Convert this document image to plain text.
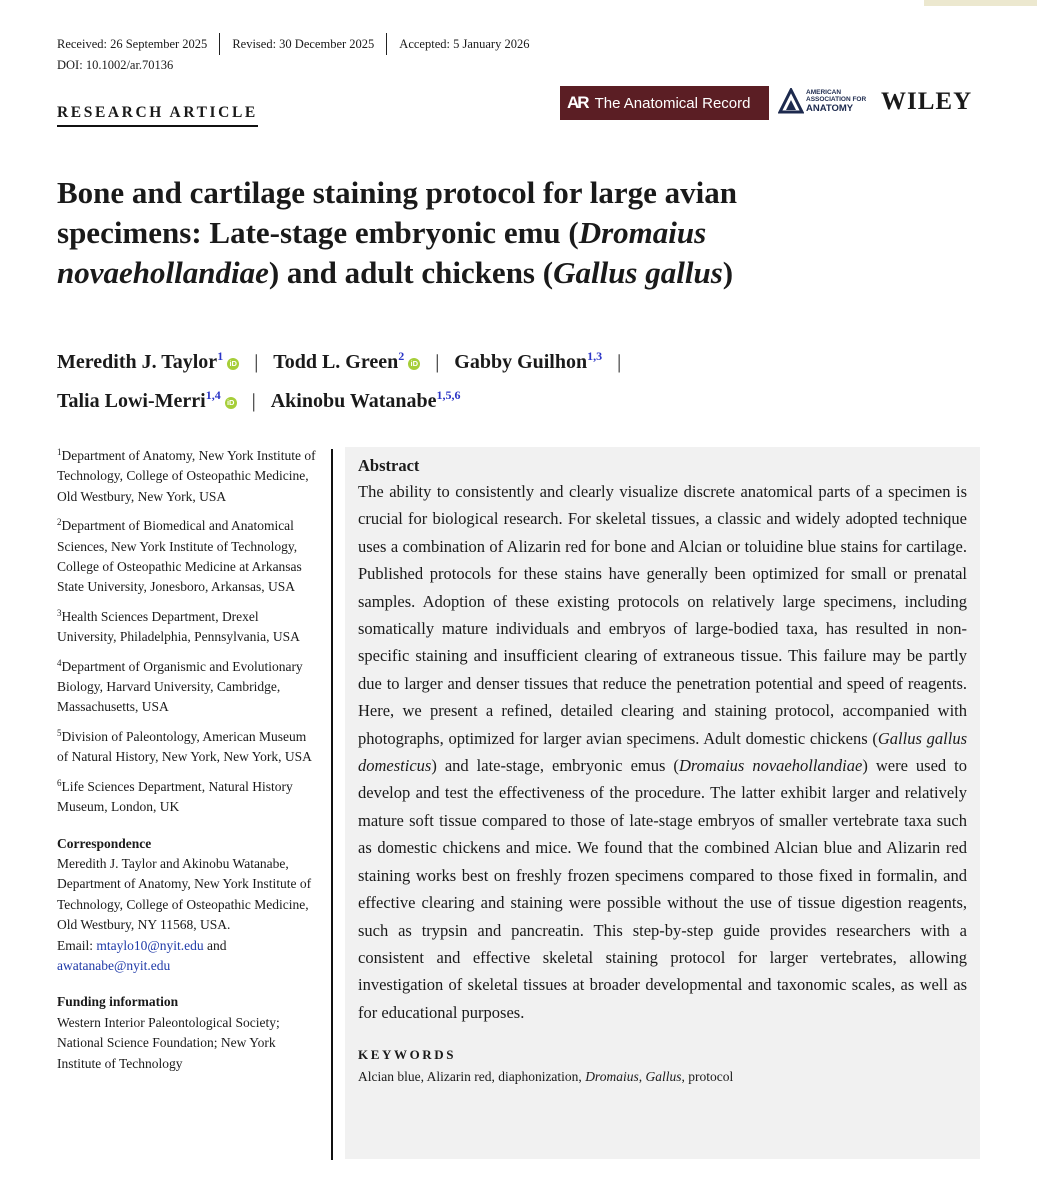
Received: 26 September 2025	Revised: 30 December 2025	Accepted: 5 January 2026
DOI: 10.1002/ar.70136
RESEARCH ARTICLE
AR The Anatomical Record
AMERICAN
ASSOCIATION FOR
ANATOMY	WILEY
Bone and cartilage staining protocol for large avian specimens: Late-stage embryonic emu (Dromaius novaehollandiae) and adult chickens (Gallus gallus)
Meredith J. Taylor$^1$iD | Todd L. Green$^2$iD | Gabby Guilhon$^{1,3}$ |
Talia Lowi-Merri$^{1,4}$iD | Akinobu Watanabe$^{1,5,6}$
$^1$Department of Anatomy, New York Institute of Technology, College of Osteopathic Medicine, Old Westbury, New York, USA
$^2$Department of Biomedical and Anatomical Sciences, New York Institute of Technology, College of Osteopathic Medicine at Arkansas State University, Jonesboro, Arkansas, USA
$^3$Health Sciences Department, Drexel University, Philadelphia, Pennsylvania, USA
$^4$Department of Organismic and Evolutionary Biology, Harvard University, Cambridge, Massachusetts, USA
$^5$Division of Paleontology, American Museum of Natural History, New York, New York, USA
$^6$Life Sciences Department, Natural History Museum, London, UK
Correspondence
Meredith J. Taylor and Akinobu Watanabe, Department of Anatomy, New York Institute of Technology, College of Osteopathic Medicine, Old Westbury, NY 11568, USA.
Email: mtaylo10@nyit.edu and
awatanabe@nyit.edu
Funding information
Western Interior Paleontological Society; National Science Foundation; New York Institute of Technology
Abstract

The ability to consistently and clearly visualize discrete anatomical parts of a specimen is crucial for biological research. For skeletal tissues, a classic and widely adopted technique uses a combination of Alizarin red for bone and Alcian or toluidine blue stains for cartilage. Published protocols for these stains have generally been optimized for small or prenatal samples. Adoption of these existing protocols on relatively large specimens, including somatically mature individuals and embryos of large-bodied taxa, has resulted in non-specific staining and insufficient clearing of extraneous tissue. This failure may be partly due to larger and denser tissues that reduce the penetration potential and speed of reagents. Here, we present a refined, detailed clearing and staining protocol, accompanied with photographs, optimized for larger avian specimens. Adult domestic chickens (Gallus gallus domesticus) and late-stage, embryonic emus (Dromaius novaehollandiae) were used to develop and test the effectiveness of the procedure. The latter exhibit larger and relatively mature soft tissue compared to those of late-stage embryos of smaller vertebrate taxa such as domestic chickens and mice. We found that the combined Alcian blue and Alizarin red staining works best on freshly frozen specimens compared to those fixed in formalin, and effective clearing and staining were possible without the use of tissue digestion reagents, such as trypsin and pancreatin. This step-by-step guide provides researchers with a consistent and effective skeletal staining protocol for larger vertebrates, allowing investigation of skeletal tissues at broader developmental and taxonomic scales, as well as for educational purposes.

KEYWORDS
Alcian blue, Alizarin red, diaphonization, Dromaius, Gallus, protocol
